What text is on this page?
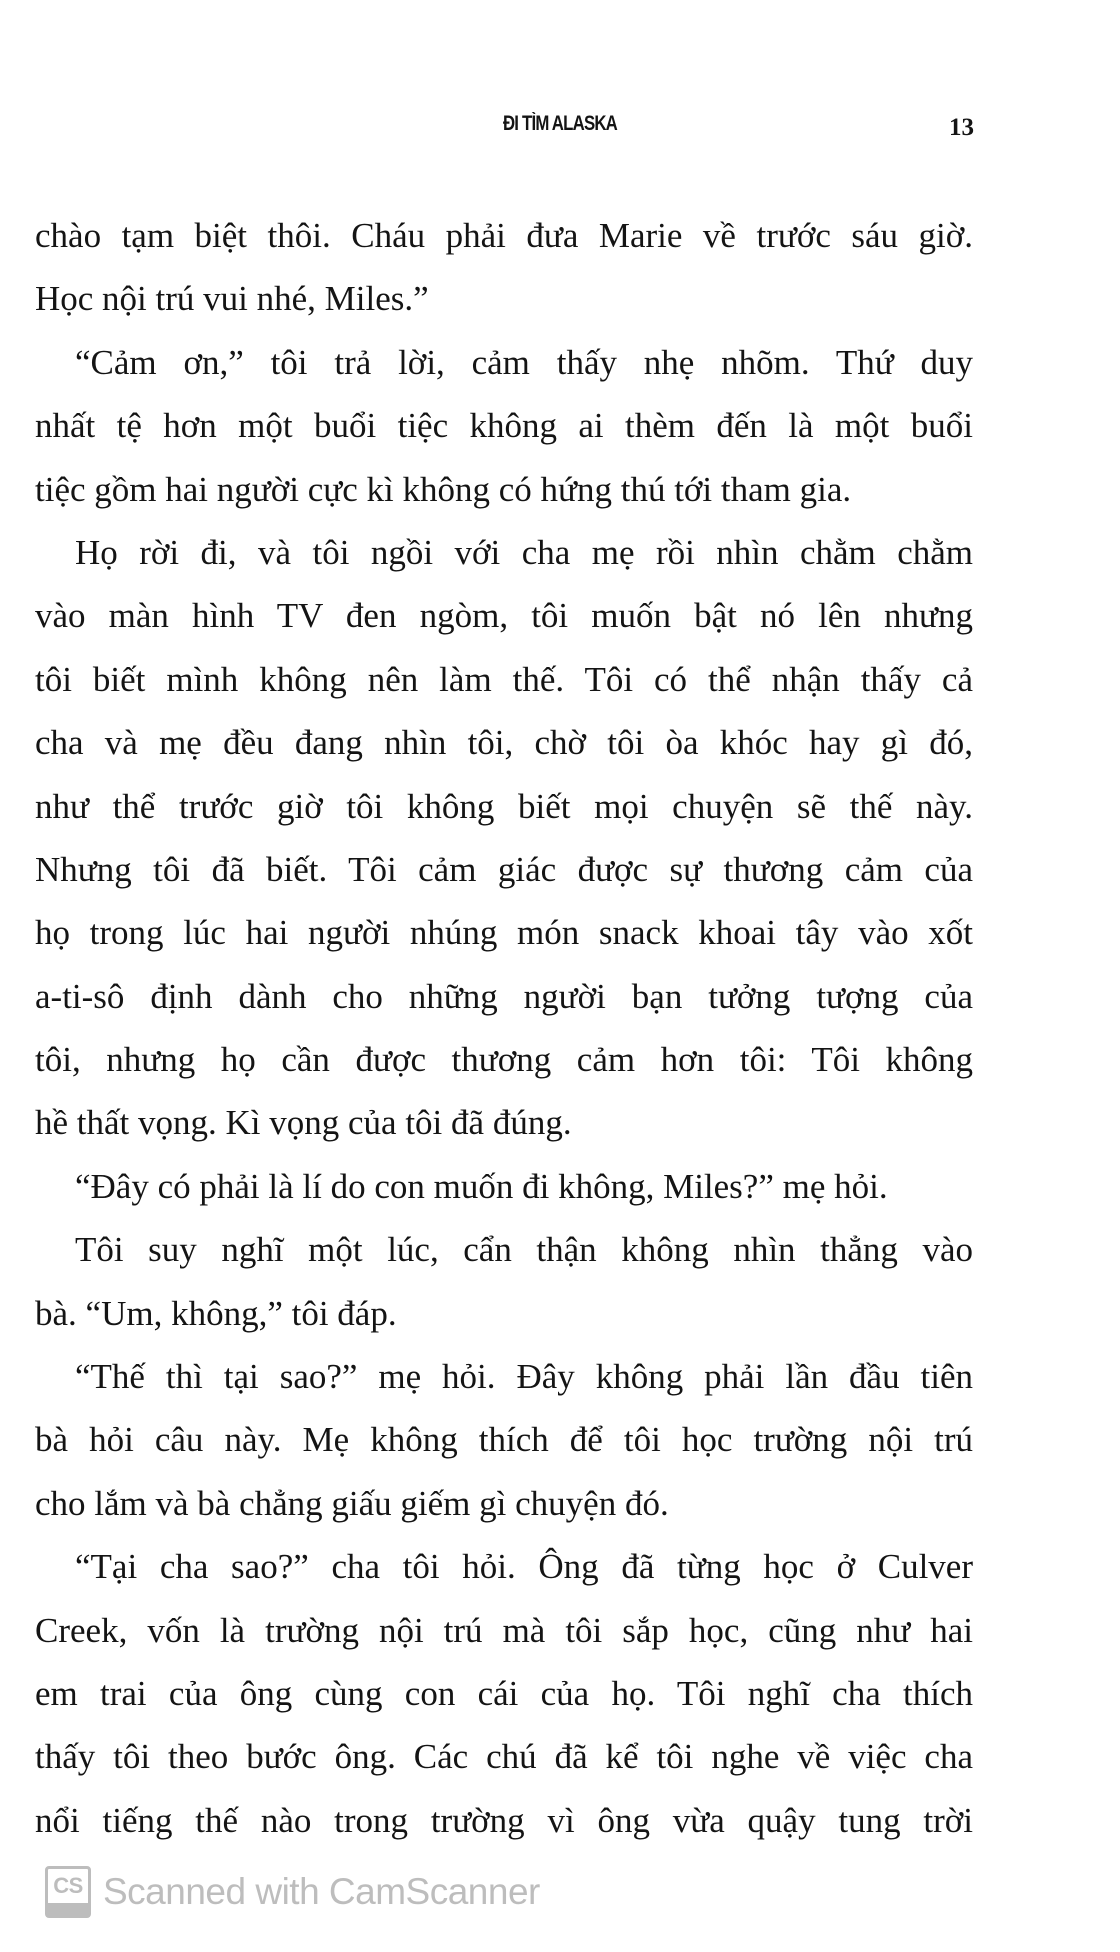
ĐI TÌM ALASKA	13
chào tạm biệt thôi. Cháu phải đưa Marie về trước sáu giờ.
Học nội trú vui nhé, Miles.”
“Cảm ơn,” tôi trả lời, cảm thấy nhẹ nhõm. Thứ duy
nhất tệ hơn một buổi tiệc không ai thèm đến là một buổi
tiệc gồm hai người cực kì không có hứng thú tới tham gia.
Họ rời đi, và tôi ngồi với cha mẹ rồi nhìn chằm chằm
vào màn hình TV đen ngòm, tôi muốn bật nó lên nhưng
tôi biết mình không nên làm thế. Tôi có thể nhận thấy cả
cha và mẹ đều đang nhìn tôi, chờ tôi òa khóc hay gì đó,
như thể trước giờ tôi không biết mọi chuyện sẽ thế này.
Nhưng tôi đã biết. Tôi cảm giác được sự thương cảm của
họ trong lúc hai người nhúng món snack khoai tây vào xốt
a-ti-sô định dành cho những người bạn tưởng tượng của
tôi, nhưng họ cần được thương cảm hơn tôi: Tôi không
hề thất vọng. Kì vọng của tôi đã đúng.
“Đây có phải là lí do con muốn đi không, Miles?” mẹ hỏi.
Tôi suy nghĩ một lúc, cẩn thận không nhìn thẳng vào
bà. “Um, không,” tôi đáp.
“Thế thì tại sao?” mẹ hỏi. Đây không phải lần đầu tiên
bà hỏi câu này. Mẹ không thích để tôi học trường nội trú
cho lắm và bà chẳng giấu giếm gì chuyện đó.
“Tại cha sao?” cha tôi hỏi. Ông đã từng học ở Culver
Creek, vốn là trường nội trú mà tôi sắp học, cũng như hai
em trai của ông cùng con cái của họ. Tôi nghĩ cha thích
thấy tôi theo bước ông. Các chú đã kể tôi nghe về việc cha
nổi tiếng thế nào trong trường vì ông vừa quậy tung trời
CS Scanned with CamScanner
